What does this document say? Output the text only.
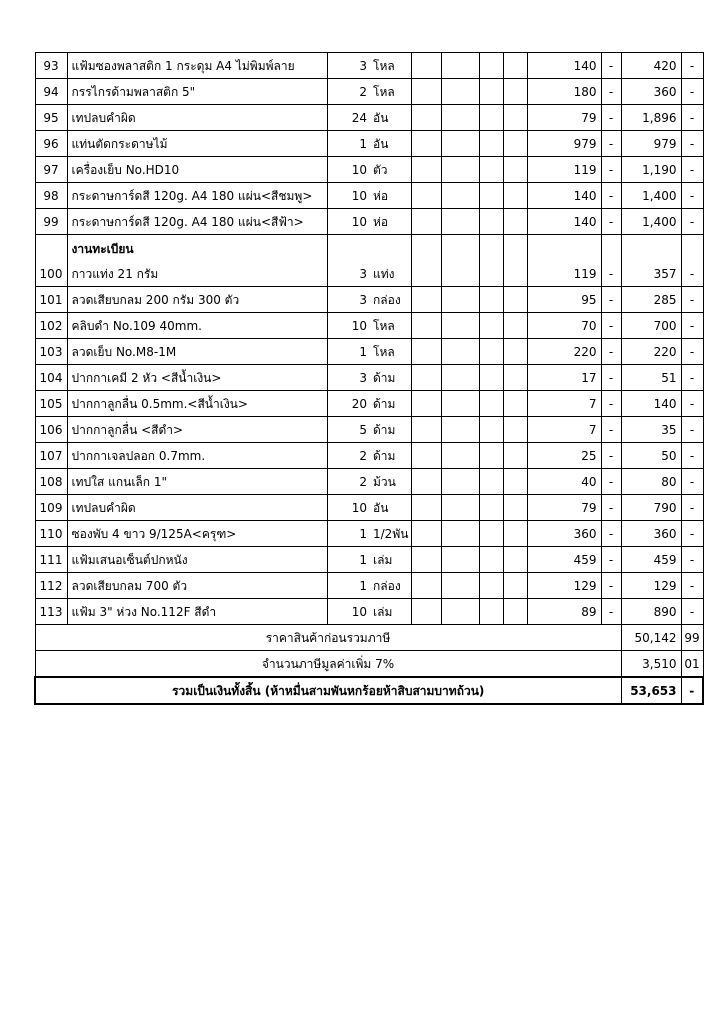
93	แฟ้มซองพลาสติก 1 กระดุม A4 ไม่พิมพ์ลาย	3	โหล					140	-	420	-
94	กรรไกรด้ามพลาสติก 5"	2	โหล					180	-	360	-
95	เทปลบคำผิด	24	อัน					79	-	1,896	-
96	แท่นตัดกระดาษไม้	1	อัน					979	-	979	-
97	เครื่องเย็บ No.HD10	10	ตัว					119	-	1,190	-
98	กระดาษการ์ดสี 120g. A4 180 แผ่น<สีชมพู>	10	ห่อ					140	-	1,400	-
99	กระดาษการ์ดสี 120g. A4 180 แผ่น<สีฟ้า>	10	ห่อ					140	-	1,400	-
	งานทะเบียน										
100	กาวแท่ง 21 กรัม	3	แท่ง					119	-	357	-
101	ลวดเสียบกลม 200 กรัม 300 ตัว	3	กล่อง					95	-	285	-
102	คลิบดำ No.109 40mm.	10	โหล					70	-	700	-
103	ลวดเย็บ No.M8-1M	1	โหล					220	-	220	-
104	ปากกาเคมี 2 หัว <สีน้ำเงิน>	3	ด้าม					17	-	51	-
105	ปากกาลูกลื่น 0.5mm.<สีน้ำเงิน>	20	ด้าม					7	-	140	-
106	ปากกาลูกลื่น <สีดำ>	5	ด้าม					7	-	35	-
107	ปากกาเจลปลอก 0.7mm.	2	ด้าม					25	-	50	-
108	เทปใส แกนเล็ก 1"	2	ม้วน					40	-	80	-
109	เทปลบคำผิด	10	อัน					79	-	790	-
110	ซองพับ 4 ขาว 9/125A<ครุฑ>	1	1/2พัน					360	-	360	-
111	แฟ้มเสนอเซ็นต์ปกหนัง	1	เล่ม					459	-	459	-
112	ลวดเสียบกลม 700 ตัว	1	กล่อง					129	-	129	-
113	แฟ้ม 3" ห่วง No.112F สีดำ	10	เล่ม					89	-	890	-
ราคาสินค้าก่อนรวมภาษี										50,142	99
จำนวนภาษีมูลค่าเพิ่ม 7%										3,510	01
รวมเป็นเงินทั้งสิ้น (ห้าหมื่นสามพันหกร้อยห้าสิบสามบาทถ้วน)										53,653	-
